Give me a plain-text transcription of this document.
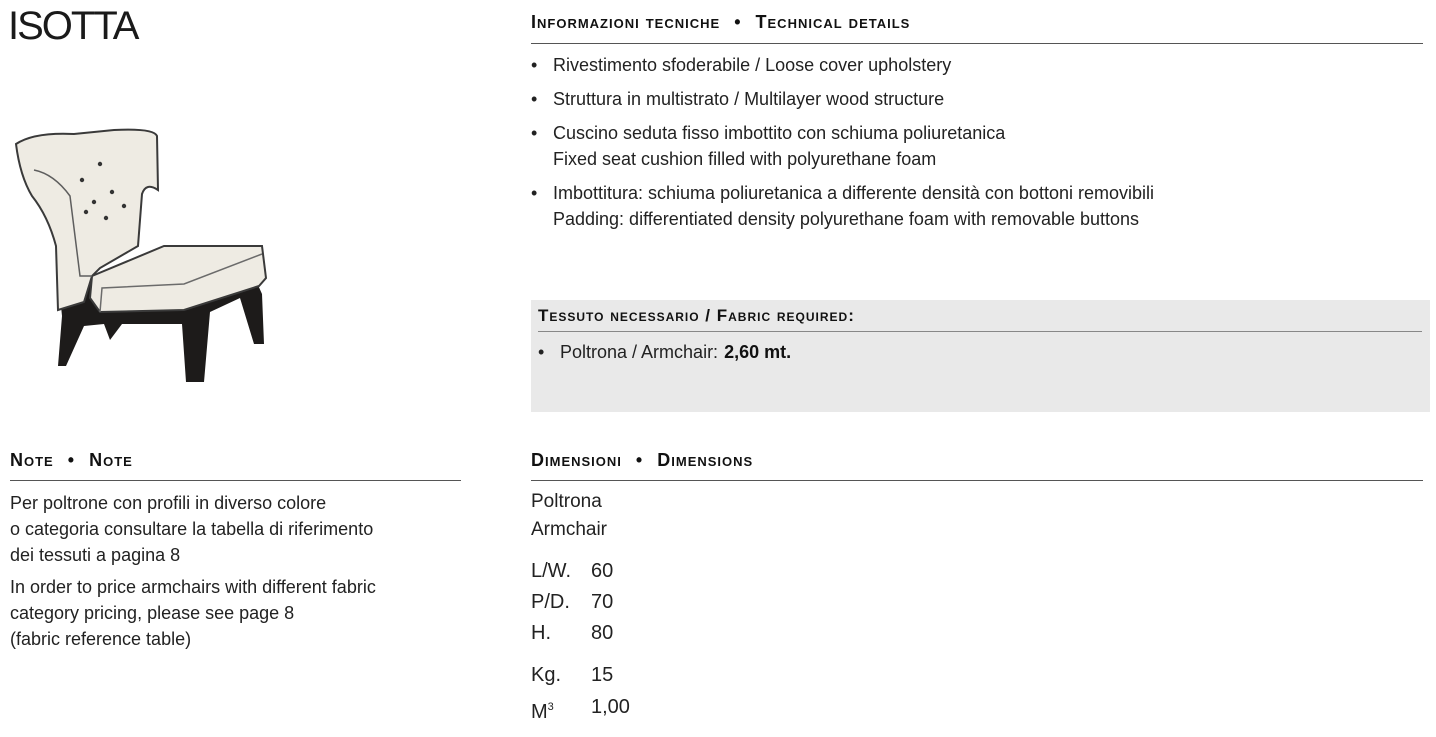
ISOTTA	Informazioni tecniche • Technical details
• Rivestimento sfoderabile / Loose cover upholstery
• Struttura in multistrato / Multilayer wood structure
• Cuscino seduta fisso imbottito con schiuma poliuretanica
Fixed seat cushion filled with polyurethane foam
• Imbottitura: schiuma poliuretanica a differente densità con bottoni removibili
Padding: differentiated density polyurethane foam with removable buttons
Tessuto necessario / Fabric required:
• Poltrona / Armchair: 2,60 mt.
Note • Note
Per poltrone con profili in diverso colore
o categoria consultare la tabella di riferimento
dei tessuti a pagina 8
In order to price armchairs with different fabric
category pricing, please see page 8
(fabric reference table)
Dimensioni • Dimensions
Poltrona
Armchair
L/W. 60
P/D.	70
H.	80
Kg.	15
$M^3$	1,00
